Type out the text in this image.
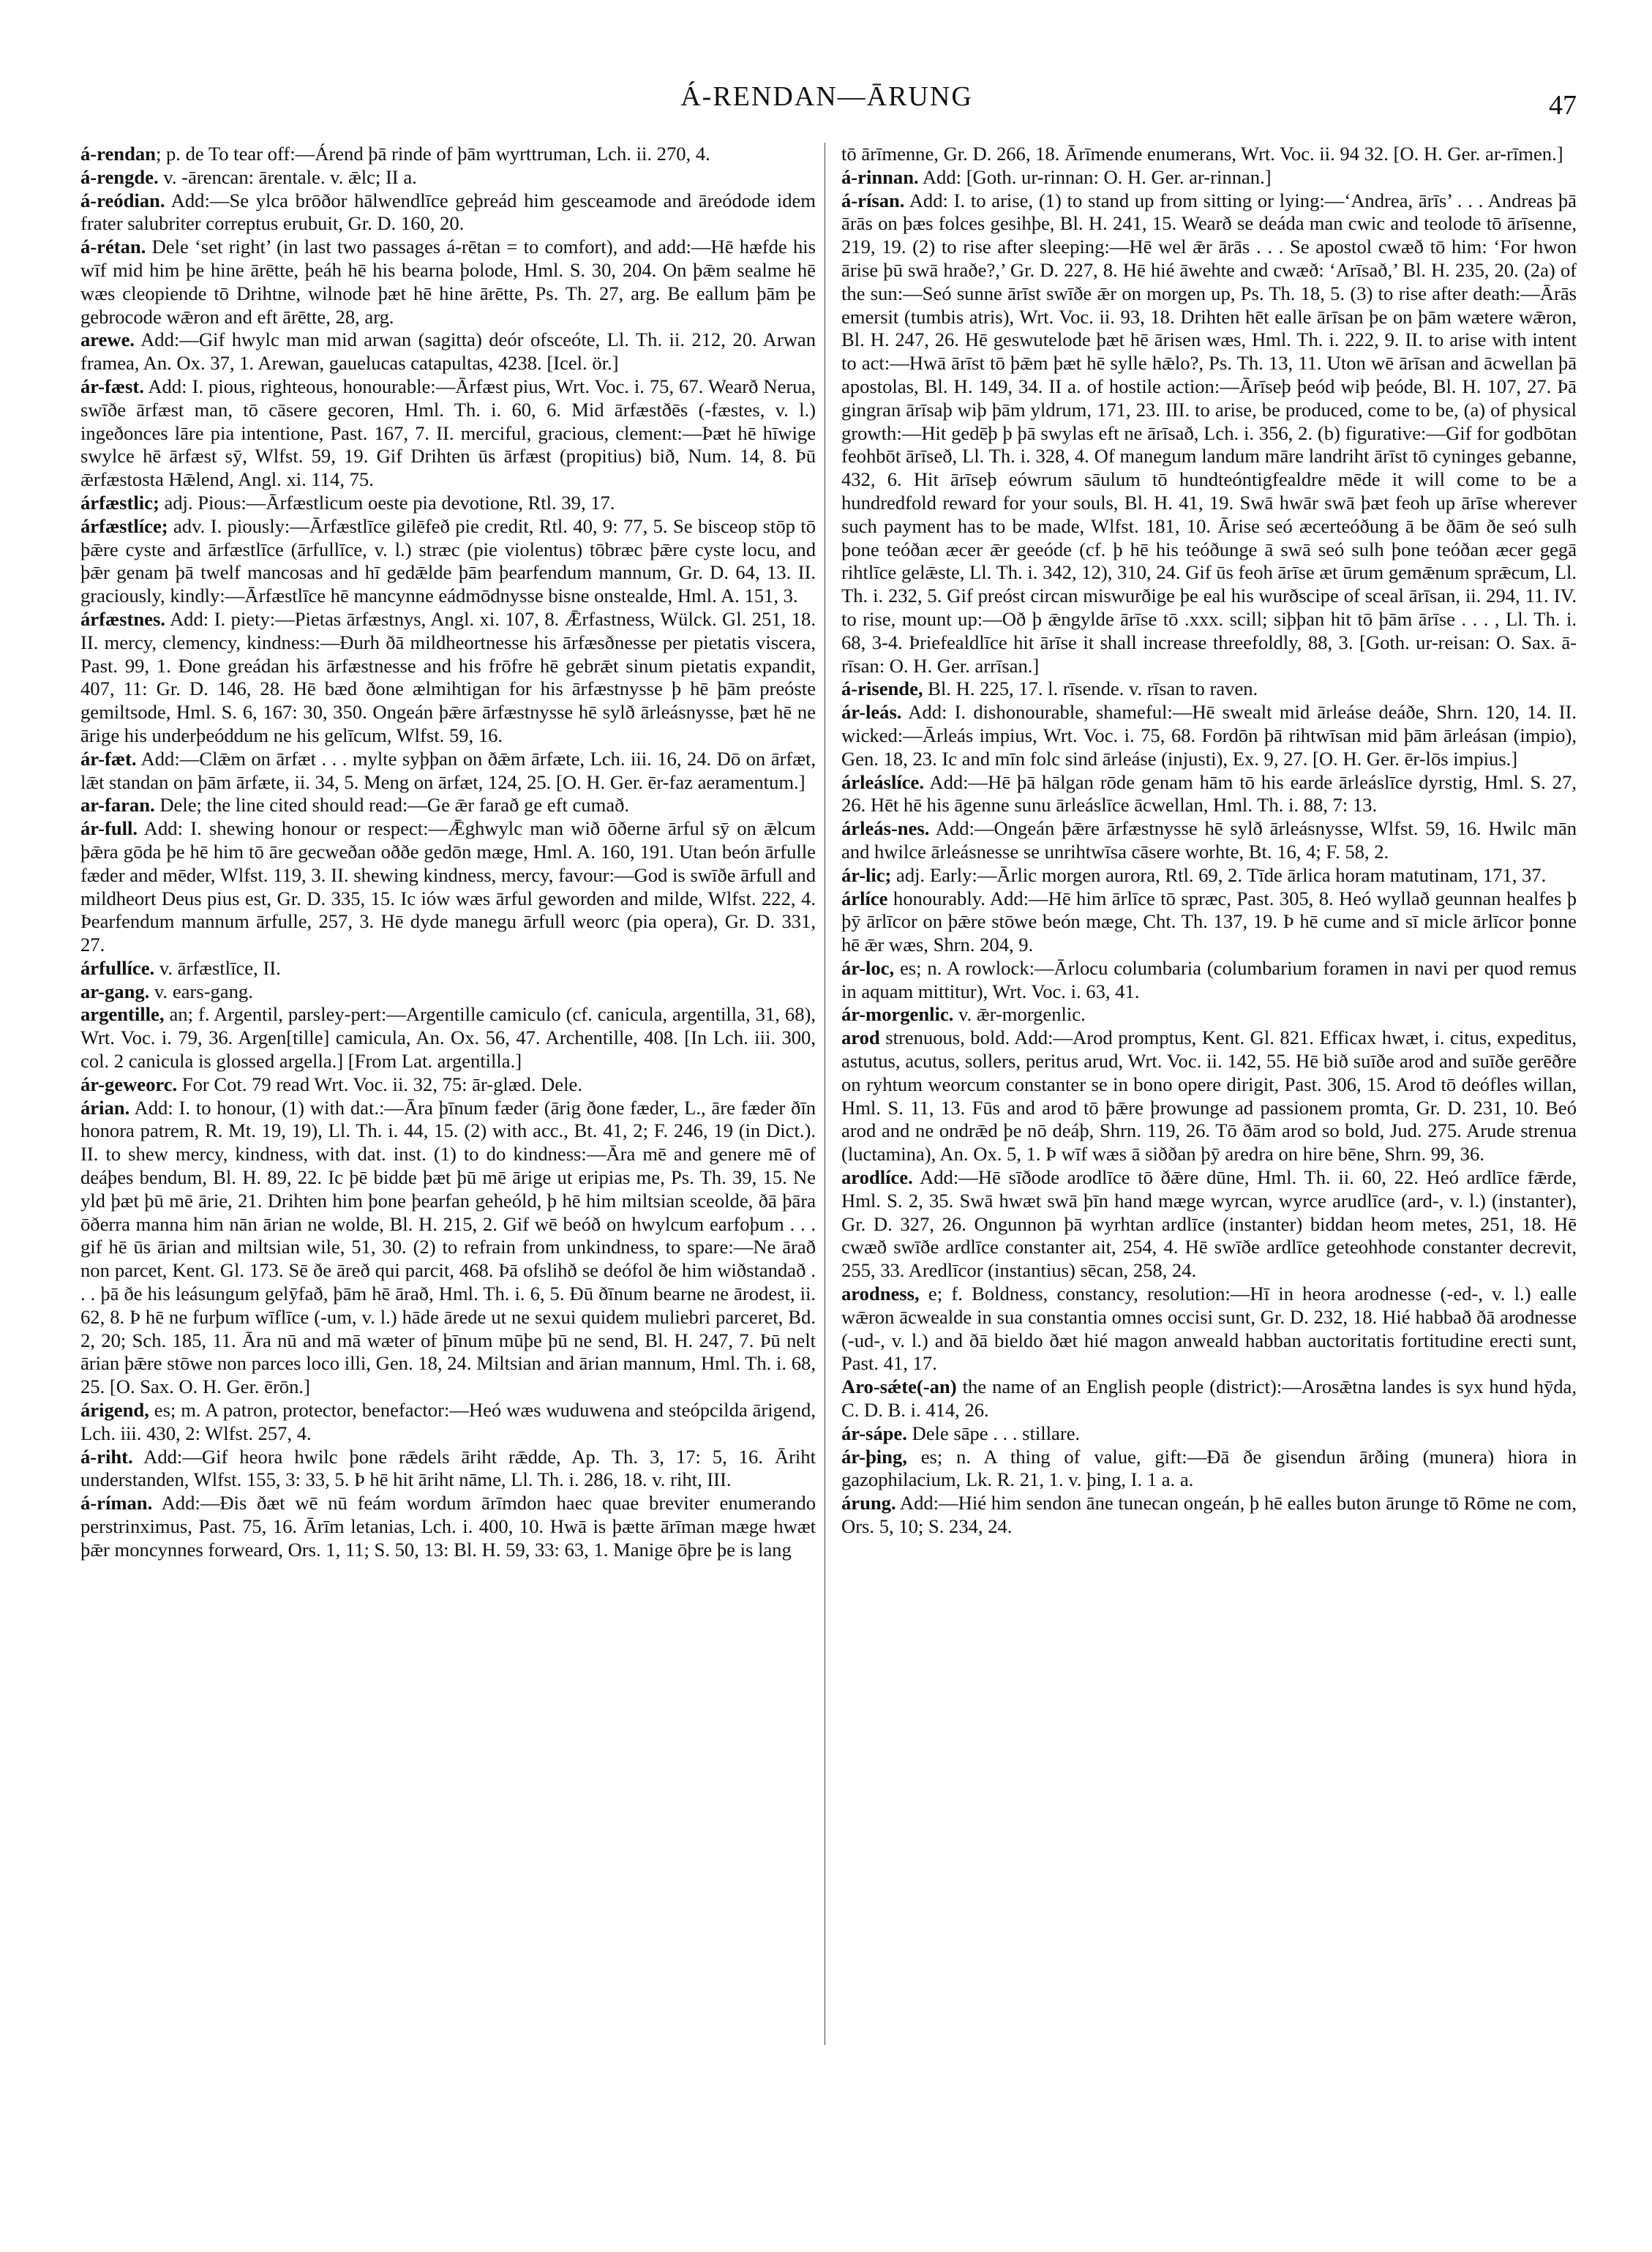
Á-RENDAN—ĀRUNG	47

á-rendan; p. de To tear off:—Árend þā rinde of þām wyrttruman, Lch. ii. 270, 4.

á-rengde. v. -ārencan: ārentale. v. ǣlc; II a.

á-reódian. Add:—Se ylca brōðor hālwendlīce geþreád him gesceamode and āreódode idem frater salubriter correptus erubuit, Gr. D. 160, 20.

á-rétan. Dele ‘set right’ (in last two passages á-rētan = to comfort), and add:—Hē hæfde his wīf mid him þe hine ārētte, þeáh hē his bearna þolode, Hml. S. 30, 204. On þǣm sealme hē wæs cleopiende tō Drihtne, wilnode þæt hē hine ārētte, Ps. Th. 27, arg. Be eallum þām þe gebrocode wǣron and eft ārētte, 28, arg.

arewe. Add:—Gif hwylc man mid arwan (sagitta) deór ofsceóte, Ll. Th. ii. 212, 20. Arwan framea, An. Ox. 37, 1. Arewan, gauelucas catapultas, 4238. [Icel. ör.]

ár-fæst. Add: I. pious, righteous, honourable:—Ārfæst pius, Wrt. Voc. i. 75, 67. Wearð Nerua, swīðe ārfæst man, tō cāsere gecoren, Hml. Th. i. 60, 6. Mid ārfæstðēs (-fæstes, v. l.) ingeðonces lāre pia intentione, Past. 167, 7. II. merciful, gracious, clement:—Þæt hē hīwige swylce hē ārfæst sȳ, Wlfst. 59, 19. Gif Drihten ūs ārfæst (propitius) bið, Num. 14, 8. Þū ǣrfæstosta Hǣlend, Angl. xi. 114, 75.

árfæstlic; adj. Pious:—Ārfæstlicum oeste pia devotione, Rtl. 39, 17.

árfæstlíce; adv. I. piously:—Ārfæstlīce gilēfeð pie credit, Rtl. 40, 9: 77, 5. Se bisceop stōp tō þǣre cyste and ārfæstlīce (ārfullīce, v. l.) stræc (pie violentus) tōbræc þǣre cyste locu, and þǣr genam þā twelf mancosas and hī gedǣlde þām þearfendum mannum, Gr. D. 64, 13. II. graciously, kindly:—Ārfæstlīce hē mancynne eádmōdnysse bisne onstealde, Hml. A. 151, 3.

árfæstnes. Add: I. piety:—Pietas ārfæstnys, Angl. xi. 107, 8. Ǣrfastness, Wülck. Gl. 251, 18. II. mercy, clemency, kindness:—Ðurh ðā mildheortnesse his ārfæsðnesse per pietatis viscera, Past. 99, 1. Ðone greádan his ārfæstnesse and his frōfre hē gebrǣt sinum pietatis expandit, 407, 11: Gr. D. 146, 28. Hē bæd ðone ælmihtigan for his ārfæstnysse þ hē þām preóste gemiltsode, Hml. S. 6, 167: 30, 350. Ongeán þǣre ārfæstnysse hē sylð ārleásnysse, þæt hē ne ārige his underþeóddum ne his gelīcum, Wlfst. 59, 16.

ár-fæt. Add:—Clǣm on ārfæt . . . mylte syþþan on ðǣm ārfæte, Lch. iii. 16, 24. Dō on ārfæt, lǣt standan on þām ārfæte, ii. 34, 5. Meng on ārfæt, 124, 25. [O. H. Ger. ēr-faz aeramentum.]

ar-faran. Dele; the line cited should read:—Ge ǣr farað ge eft cumað.

ár-full. Add: I. shewing honour or respect:—Ǣghwylc man wið ōðerne ārful sȳ on ǣlcum þǣra gōda þe hē him tō āre gecweðan oððe gedōn mæge, Hml. A. 160, 191. Utan beón ārfulle fæder and mēder, Wlfst. 119, 3. II. shewing kindness, mercy, favour:—God is swīðe ārfull and mildheort Deus pius est, Gr. D. 335, 15. Ic iów wæs ārful geworden and milde, Wlfst. 222, 4. Þearfendum mannum ārfulle, 257, 3. Hē dyde manegu ārfull weorc (pia opera), Gr. D. 331, 27.

árfullíce. v. ārfæstlīce, II.

ar-gang. v. ears-gang.

argentille, an; f. Argentil, parsley-pert:—Argentille camiculo (cf. canicula, argentilla, 31, 68), Wrt. Voc. i. 79, 36. Argen[tille] camicula, An. Ox. 56, 47. Archentille, 408. [In Lch. iii. 300, col. 2 canicula is glossed argella.] [From Lat. argentilla.]

ár-geweorc. For Cot. 79 read Wrt. Voc. ii. 32, 75: ār-glæd. Dele.

árian. Add: I. to honour, (1) with dat.:—Āra þīnum fæder (ārig ðone fæder, L., āre fæder ðīn honora patrem, R. Mt. 19, 19), Ll. Th. i. 44, 15. (2) with acc., Bt. 41, 2; F. 246, 19 (in Dict.). II. to shew mercy, kindness, with dat. inst. (1) to do kindness:—Āra mē and genere mē of deáþes bendum, Bl. H. 89, 22. Ic þē bidde þæt þū mē ārige ut eripias me, Ps. Th. 39, 15. Ne yld þæt þū mē ārie, 21. Drihten him þone þearfan geheóld, þ hē him miltsian sceolde, ðā þāra ōðerra manna him nān ārian ne wolde, Bl. H. 215, 2. Gif wē beóð on hwylcum earfoþum . . . gif hē ūs ārian and miltsian wile, 51, 30. (2) to refrain from unkindness, to spare:—Ne ārað non parcet, Kent. Gl. 173. Sē ðe āreð qui parcit, 468. Þā ofslihð se deófol ðe him wiðstandað . . . þā ðe his leásungum gelȳfað, þām hē ārað, Hml. Th. i. 6, 5. Ðū ðīnum bearne ne ārodest, ii. 62, 8. Þ hē ne furþum wīflīce (-um, v. l.) hāde ārede ut ne sexui quidem muliebri parceret, Bd. 2, 20; Sch. 185, 11. Āra nū and mā wæter of þīnum mūþe þū ne send, Bl. H. 247, 7. Þū nelt ārian þǣre stōwe non parces loco illi, Gen. 18, 24. Miltsian and ārian mannum, Hml. Th. i. 68, 25. [O. Sax. O. H. Ger. ērōn.]

árigend, es; m. A patron, protector, benefactor:—Heó wæs wuduwena and steópcilda ārigend, Lch. iii. 430, 2: Wlfst. 257, 4.

á-riht. Add:—Gif heora hwilc þone rǣdels āriht rǣdde, Ap. Th. 3, 17: 5, 16. Āriht understanden, Wlfst. 155, 3: 33, 5. Þ hē hit āriht nāme, Ll. Th. i. 286, 18. v. riht, III.

á-ríman. Add:—Ðis ðæt wē nū feám wordum ārīmdon haec quae breviter enumerando perstrinximus, Past. 75, 16. Ārīm letanias, Lch. i. 400, 10. Hwā is þætte ārīman mæge hwæt þǣr moncynnes forweard, Ors. 1, 11; S. 50, 13: Bl. H. 59, 33: 63, 1. Manige ōþre þe is lang

tō ārīmenne, Gr. D. 266, 18. Ārīmende enumerans, Wrt. Voc. ii. 94 32. [O. H. Ger. ar-rīmen.]

á-rinnan. Add: [Goth. ur-rinnan: O. H. Ger. ar-rinnan.]

á-rísan. Add: I. to arise, (1) to stand up from sitting or lying:—‘Andrea, ārīs’ . . . Andreas þā ārās on þæs folces gesihþe, Bl. H. 241, 15. Wearð se deáda man cwic and teolode tō ārīsenne, 219, 19. (2) to rise after sleeping:—Hē wel ǣr ārās . . . Se apostol cwæð tō him: ‘For hwon ārise þū swā hraðe?,’ Gr. D. 227, 8. Hē hié āwehte and cwæð: ‘Arīsað,’ Bl. H. 235, 20. (2a) of the sun:—Seó sunne ārīst swīðe ǣr on morgen up, Ps. Th. 18, 5. (3) to rise after death:—Ārās emersit (tumbis atris), Wrt. Voc. ii. 93, 18. Drihten hēt ealle ārīsan þe on þām wætere wǣron, Bl. H. 247, 26. Hē geswutelode þæt hē ārisen wæs, Hml. Th. i. 222, 9. II. to arise with intent to act:—Hwā ārīst tō þǣm þæt hē sylle hǣlo?, Ps. Th. 13, 11. Uton wē ārīsan and ācwellan þā apostolas, Bl. H. 149, 34. II a. of hostile action:—Ārīseþ þeód wiþ þeóde, Bl. H. 107, 27. Þā gingran ārīsaþ wiþ þām yldrum, 171, 23. III. to arise, be produced, come to be, (a) of physical growth:—Hit gedēþ þ þā swylas eft ne ārīsað, Lch. i. 356, 2. (b) figurative:—Gif for godbōtan feohbōt ārīseð, Ll. Th. i. 328, 4. Of manegum landum māre landriht ārīst tō cyninges gebanne, 432, 6. Hit ārīseþ eówrum sāulum tō hundteóntigfealdre mēde it will come to be a hundredfold reward for your souls, Bl. H. 41, 19. Swā hwār swā þæt feoh up ārīse wherever such payment has to be made, Wlfst. 181, 10. Ārise seó æcerteóðung ā be ðām ðe seó sulh þone teóðan æcer ǣr geeóde (cf. þ hē his teóðunge ā swā seó sulh þone teóðan æcer gegā rihtlīce gelǣste, Ll. Th. i. 342, 12), 310, 24. Gif ūs feoh ārīse æt ūrum gemǣnum sprǣcum, Ll. Th. i. 232, 5. Gif preóst circan miswurðige þe eal his wurðscipe of sceal ārīsan, ii. 294, 11. IV. to rise, mount up:—Oð þ ǣngylde ārīse tō .xxx. scill; siþþan hit tō þām ārīse . . . , Ll. Th. i. 68, 3-4. Þriefealdlīce hit ārīse it shall increase threefoldly, 88, 3. [Goth. ur-reisan: O. Sax. ā-rīsan: O. H. Ger. arrīsan.]

á-risende, Bl. H. 225, 17. l. rīsende. v. rīsan to raven.

ár-leás. Add: I. dishonourable, shameful:—Hē swealt mid ārleáse deáðe, Shrn. 120, 14. II. wicked:—Ārleás impius, Wrt. Voc. i. 75, 68. Fordōn þā rihtwīsan mid þām ārleásan (impio), Gen. 18, 23. Ic and mīn folc sind ārleáse (injusti), Ex. 9, 27. [O. H. Ger. ēr-lōs impius.]

árleáslíce. Add:—Hē þā hālgan rōde genam hām tō his earde ārleáslīce dyrstig, Hml. S. 27, 26. Hēt hē his āgenne sunu ārleáslīce ācwellan, Hml. Th. i. 88, 7: 13.

árleás-nes. Add:—Ongeán þǣre ārfæstnysse hē sylð ārleásnysse, Wlfst. 59, 16. Hwilc mān and hwilce ārleásnesse se unrihtwīsa cāsere worhte, Bt. 16, 4; F. 58, 2.

ár-lic; adj. Early:—Ārlic morgen aurora, Rtl. 69, 2. Tīde ārlica horam matutinam, 171, 37.

árlíce honourably. Add:—Hē him ārlīce tō spræc, Past. 305, 8. Heó wyllað geunnan healfes þ þȳ ārlīcor on þǣre stōwe beón mæge, Cht. Th. 137, 19. Þ hē cume and sī micle ārlīcor þonne hē ǣr wæs, Shrn. 204, 9.

ár-loc, es; n. A rowlock:—Ārlocu columbaria (columbarium foramen in navi per quod remus in aquam mittitur), Wrt. Voc. i. 63, 41.

ár-morgenlic. v. ǣr-morgenlic.

arod strenuous, bold. Add:—Arod promptus, Kent. Gl. 821. Efficax hwæt, i. citus, expeditus, astutus, acutus, sollers, peritus arud, Wrt. Voc. ii. 142, 55. Hē bið suīðe arod and suīðe gerēðre on ryhtum weorcum constanter se in bono opere dirigit, Past. 306, 15. Arod tō deófles willan, Hml. S. 11, 13. Fūs and arod tō þǣre þrowunge ad passionem promta, Gr. D. 231, 10. Beó arod and ne ondrǣd þe nō deáþ, Shrn. 119, 26. Tō ðām arod so bold, Jud. 275. Arude strenua (luctamina), An. Ox. 5, 1. Þ wīf wæs ā siððan þȳ aredra on hire bēne, Shrn. 99, 36.

arodlíce. Add:—Hē sīðode arodlīce tō ðǣre dūne, Hml. Th. ii. 60, 22. Heó ardlīce fǣrde, Hml. S. 2, 35. Swā hwæt swā þīn hand mæge wyrcan, wyrce arudlīce (ard-, v. l.) (instanter), Gr. D. 327, 26. Ongunnon þā wyrhtan ardlīce (instanter) biddan heom metes, 251, 18. Hē cwæð swīðe ardlīce constanter ait, 254, 4. Hē swīðe ardlīce geteohhode constanter decrevit, 255, 33. Aredlīcor (instantius) sēcan, 258, 24.

arodness, e; f. Boldness, constancy, resolution:—Hī in heora arodnesse (-ed-, v. l.) ealle wǣron ācwealde in sua constantia omnes occisi sunt, Gr. D. 232, 18. Hié habbað ðā arodnesse (-ud-, v. l.) and ðā bieldo ðæt hié magon anweald habban auctoritatis fortitudine erecti sunt, Past. 41, 17.

Aro-sǽte(-an) the name of an English people (district):—Arosǣtna landes is syx hund hȳda, C. D. B. i. 414, 26.

ár-sápe. Dele sāpe . . . stillare.

ár-þing, es; n. A thing of value, gift:—Ðā ðe gisendun ārðing (munera) hiora in gazophilacium, Lk. R. 21, 1. v. þing, I. 1 a. a.

árung. Add:—Hié him sendon āne tunecan ongeán, þ hē ealles buton ārunge tō Rōme ne com, Ors. 5, 10; S. 234, 24.
